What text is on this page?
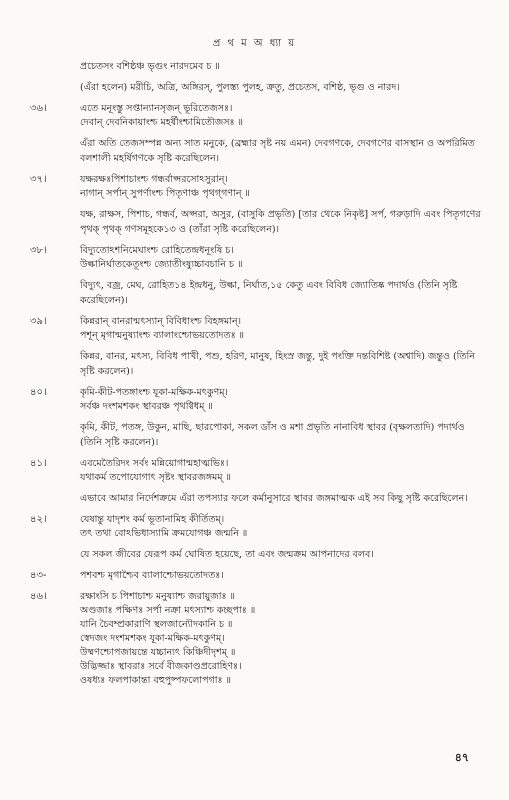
প্র থ ম অ ধ্যা য়
প্রচেতসং বশিষ্ঠঞ্চ ভৃগুং নারদমেব চ ॥
(এঁরা হলেন) মরীচি, অত্রি, অঙ্গিরস্, পুলস্ত্য পুলহ, ক্রতু, প্রচেতস, বশিষ্ঠ, ভৃগু ও নারদ।
৩৬।	এতে মনূংস্তু সপ্তান্যানসৃজন্ ভূরিতেজসঃ।
দেবান্ দেবনিকায়াংশ্চ মহর্ষীংশ্চামিতৌজসঃ ॥
এঁরা অতি তেজসম্পন্ন অন্য সাত মনুকে, (ব্রহ্মার সৃষ্ট নয় এমন) দেবগণকে, দেবগণের বাসস্থান ও অপরিমিত বলশালী মহর্ষিগণকে সৃষ্টি করেছিলেন।
৩৭।	যক্ষরক্ষঃপিশাচাংশ্চ গন্ধর্বাপ্সরসোঽসুরান্।
নাগান্ সর্পান্ সুপর্ণাংশ্চ পিতৃণাঞ্চ পৃথগ্‌গণান্ ॥
যক্ষ, রাক্ষস, পিশাচ, গন্ধর্ব, অপ্সরা, অসুর, (বাসুকি প্রভৃতি) [তার থেকে নিকৃষ্ট] সর্প, গরুড়াদি এবং পিতৃগণের পৃথক্ পৃথক্ গণসমূহকে১৩ ও (তাঁরা সৃষ্টি করেছিলেন)।
৩৮।	বিদ্যুতোঽশনিমেঘাংশ্চ রোহিতেন্দ্রধনূংষি চ।
উল্কানির্ঘাতকেতূংশ্চ জ্যোতীংষ্যুচ্চাবচানি চ ॥
বিদ্যুৎ, বজ্র, মেঘ, রোহিত১৪ ইন্দ্রধনু, উল্কা, নির্ঘাত,১৫ কেতু এবং বিবিধ জ্যোতিষ্ক পদার্থও (তিনি সৃষ্টি করেছিলেন)।
৩৯।	কিন্নরান্ বানরান্মৎস্যান্ বিবিধাংশ্চ বিহঙ্গমান্।
পশূন্ মৃগান্মনুষ্যাংশ্চ ব্যালাংশ্চোভয়তোদতঃ ॥
কিন্নর, বানর, মৎস্য, বিবিধ পাখী, পশু, হরিণ, মানুষ, হিংস্র জন্তু, দুই পংক্তি দন্তবিশিষ্ট (অশ্বাদি) জন্তুও (তিনি সৃষ্টি করলেন)।
৪০।	কৃমি-কীট-পতঙ্গাংশ্চ যূকা-মক্ষিক-মৎকুণম্।
সর্বঞ্চ দংশমশকং স্থাবরঞ্চ পৃথগ্বিধম্ ॥
কৃমি, কীট, পতঙ্গ, উকুন, মাছি, ছারপোকা, সকল ডাঁস ও মশা প্রভৃতি নানাবিধ স্থাবর (বৃক্ষলতাদি) পদার্থও (তিনি সৃষ্টি করলেন)।
৪১।	এবমেতৈরিদং সর্বং মন্নিয়োগান্মহাত্মভিঃ।
যথাকর্ম তপোযোগাৎ সৃষ্টং স্থাবরজঙ্গমম্ ॥
এভাবে আমার নির্দেশক্রমে এঁরা তপস্যার ফলে কর্মানুসারে স্থাবর জঙ্গমাত্মক এই সব কিছু সৃষ্টি করেছিলেন।
৪২।	যেষান্তু যাদৃশং কর্ম ভূতানামিহ কীর্তিতম্।
তৎ তথা বোঽভিধাস্যামি ক্রমযোগঞ্চ জন্মনি ॥
যে সকল জীবের যেরূপ কর্ম ঘোষিত হয়েছে, তা এবং জন্মক্রম আপনাদের বলব।
৪৩-	পশবশ্চ মৃগাশ্চৈব ব্যালাশ্চোভয়তোদতঃ।
৪৬।	রক্ষাংসি চ পিশাচাশ্চ মনুষ্যাশ্চ জরায়ুজাঃ ॥
অণ্ডজাঃ পক্ষিণঃ সর্পা নক্রা মৎস্যাশ্চ কচ্ছপাঃ ॥
যানি চৈবম্প্রকারাণি স্থলজান্যৌদকানি চ ॥
স্বেদজং দংশমশকং যূকা-মক্ষিক-মৎকুণম্।
উষ্মণশ্চোপজায়ন্তে যচ্চান্যৎ কিঞ্চিদীদৃশম্ ॥
উদ্ভিজ্জাঃ স্থাবরাঃ সর্বে বীজকাণ্ডপ্ররোহিণঃ।
ওষধ্যঃ ফলপাকান্তা বহুপুষ্পফলোপগাঃ ॥
৪৭
